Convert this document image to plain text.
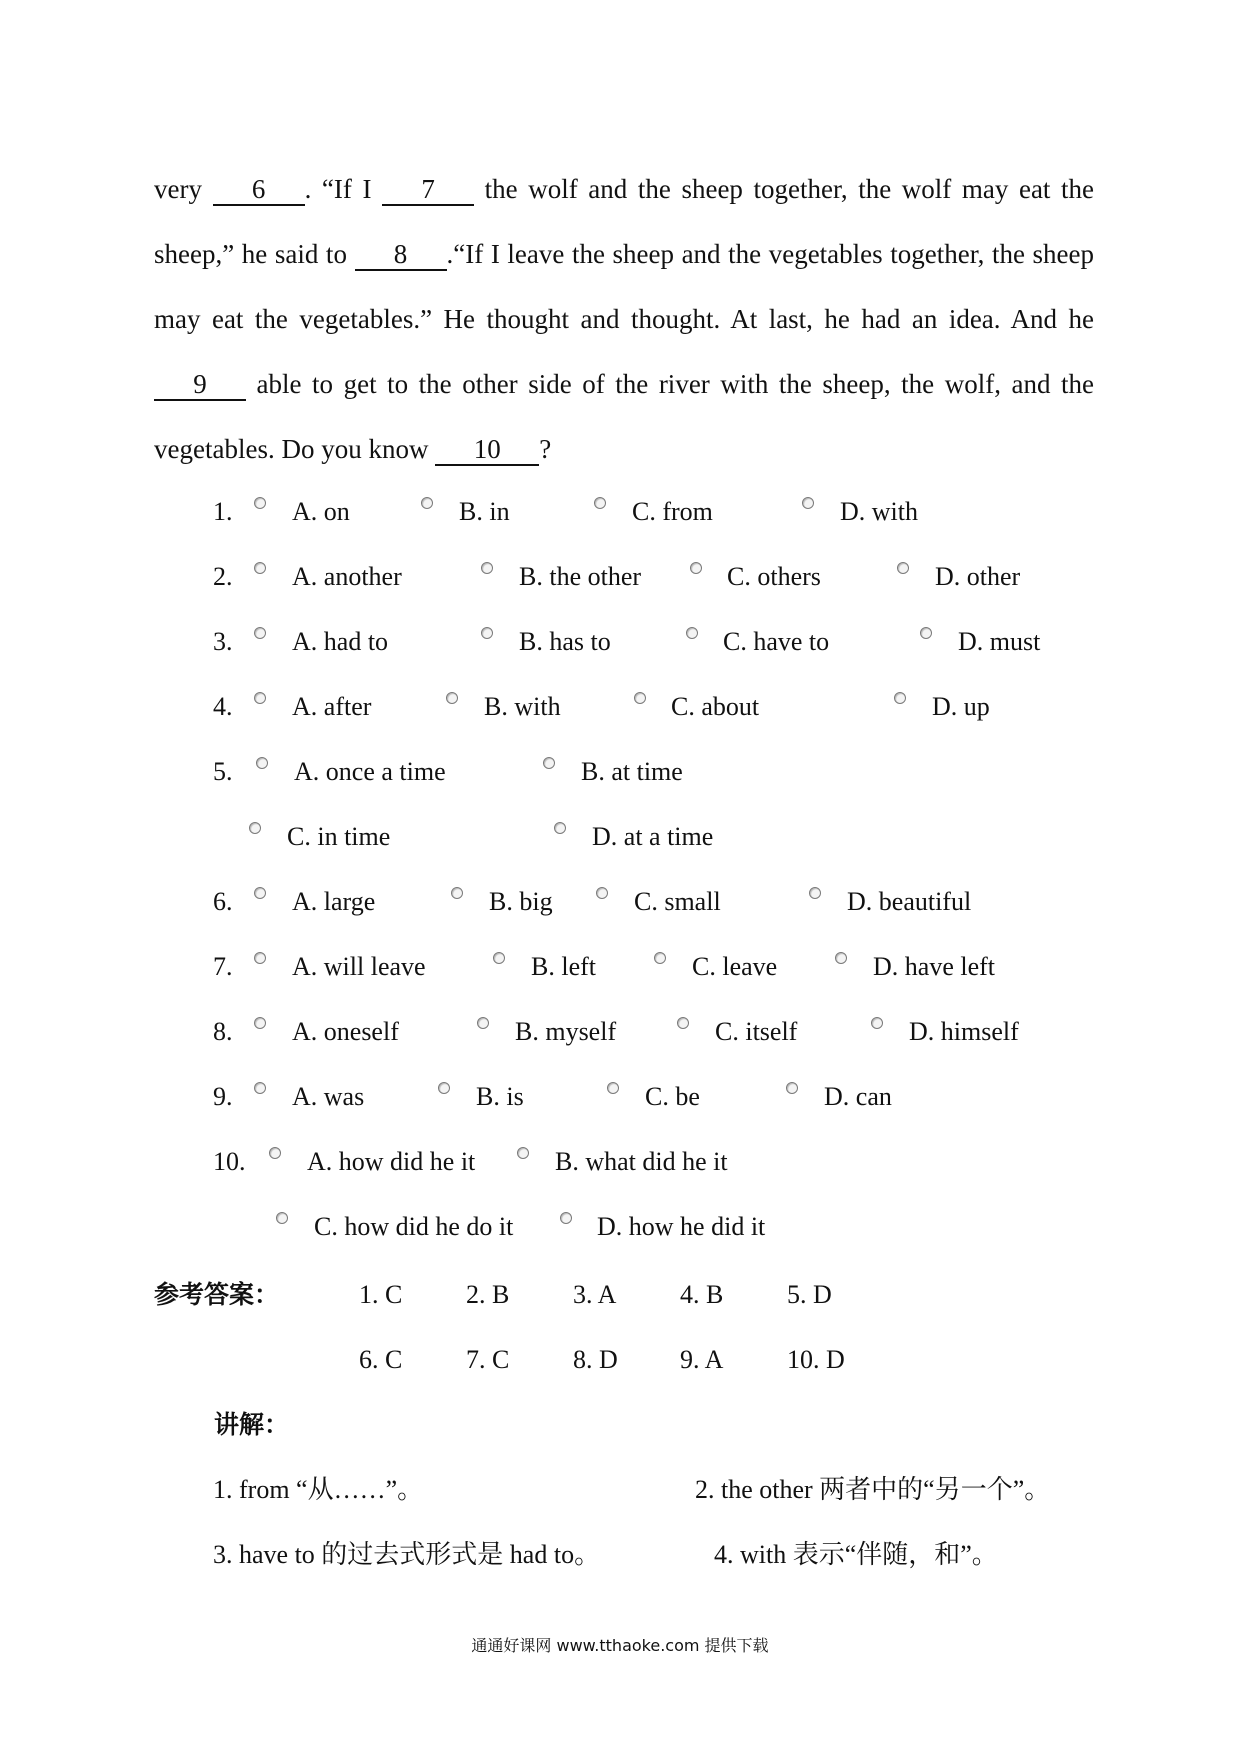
very 6 . “If I 7 the wolf and the sheep together, the wolf may eat the sheep,” he said to 8 .“If I leave the sheep and the vegetables together, the sheep may eat the vegetables.” He thought and thought. At last, he had an idea. And he9 able to get to the other side of the river with the sheep, the wolf, and the vegetables. Do you know 10 ?

1. A. on	B. in	C. from	D. with
2. A. another	B. the other	C. others	D. other
3. A. had to	B. has to	C. have to	D. must
4. A. after	B. with	C. about	D. up
5. A. once a time	B. at time
C. in time	D. at a time
6. A. large	B. big	C. small	D. beautiful
7. A. will leave	B. left	C. leave	D. have left
8. A. oneself	B. myself	C. itself	D. himself
9. A. was	B. is	C. be	D. can
10. A. how did he it	B. what did he it
C. how did he do it	D. how he did it
参考答案：	1. C 2. B 3. A 4. B 5. D
6. C 7. C 8. D 9. A 10. D
讲解：
1. from “从……”。	2. the other 两者中的“另一个”。
3. have to 的过去式形式是 had to。	4. with 表示“伴随，和”。
通通好课网 www.tthaoke.com 提供下载
